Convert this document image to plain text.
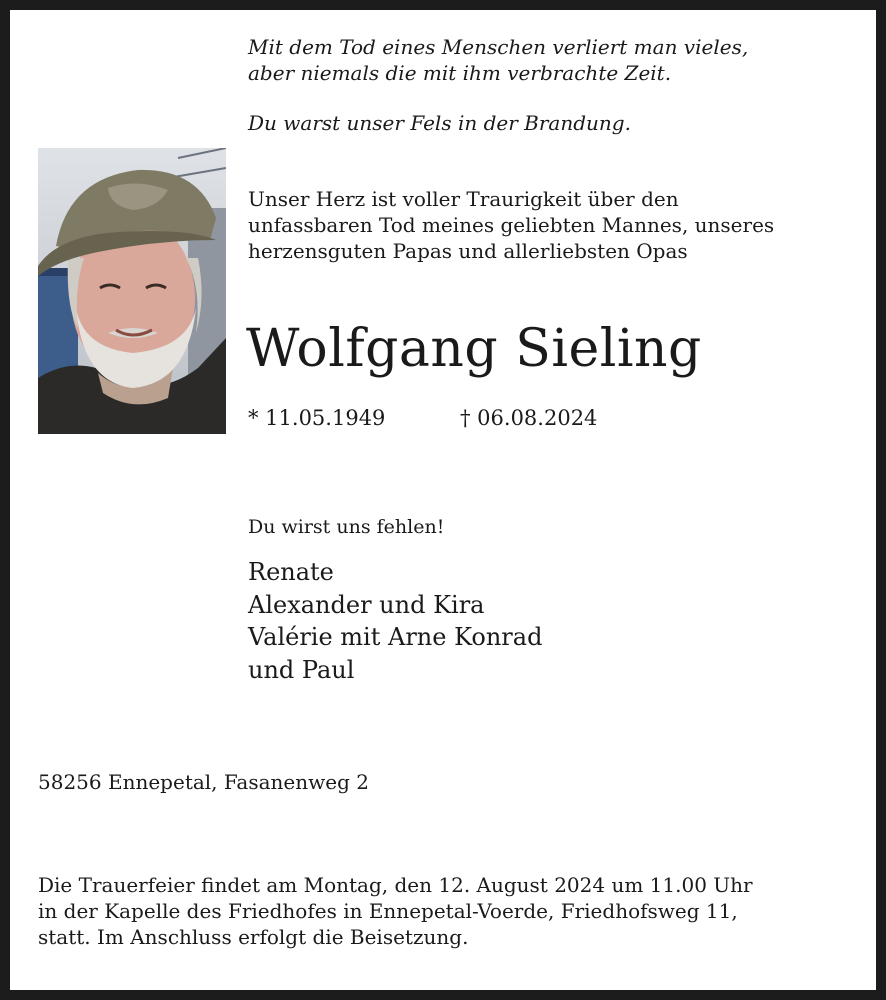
Mit dem Tod eines Menschen verliert man vieles,
aber niemals die mit ihm verbrachte Zeit.
Du warst unser Fels in der Brandung.
Unser Herz ist voller Traurigkeit über den
unfassbaren Tod meines geliebten Mannes, unseres
herzensguten Papas und allerliebsten Opas
Wolfgang Sieling
* 11.05.1949	† 06.08.2024
Du wirst uns fehlen!
Renate
Alexander und Kira
Valérie mit Arne Konrad
und Paul
58256 Ennepetal, Fasanenweg 2
Die Trauerfeier findet am Montag, den 12. August 2024 um 11.00 Uhr
in der Kapelle des Friedhofes in Ennepetal-Voerde, Friedhofsweg 11,
statt. Im Anschluss erfolgt die Beisetzung.
